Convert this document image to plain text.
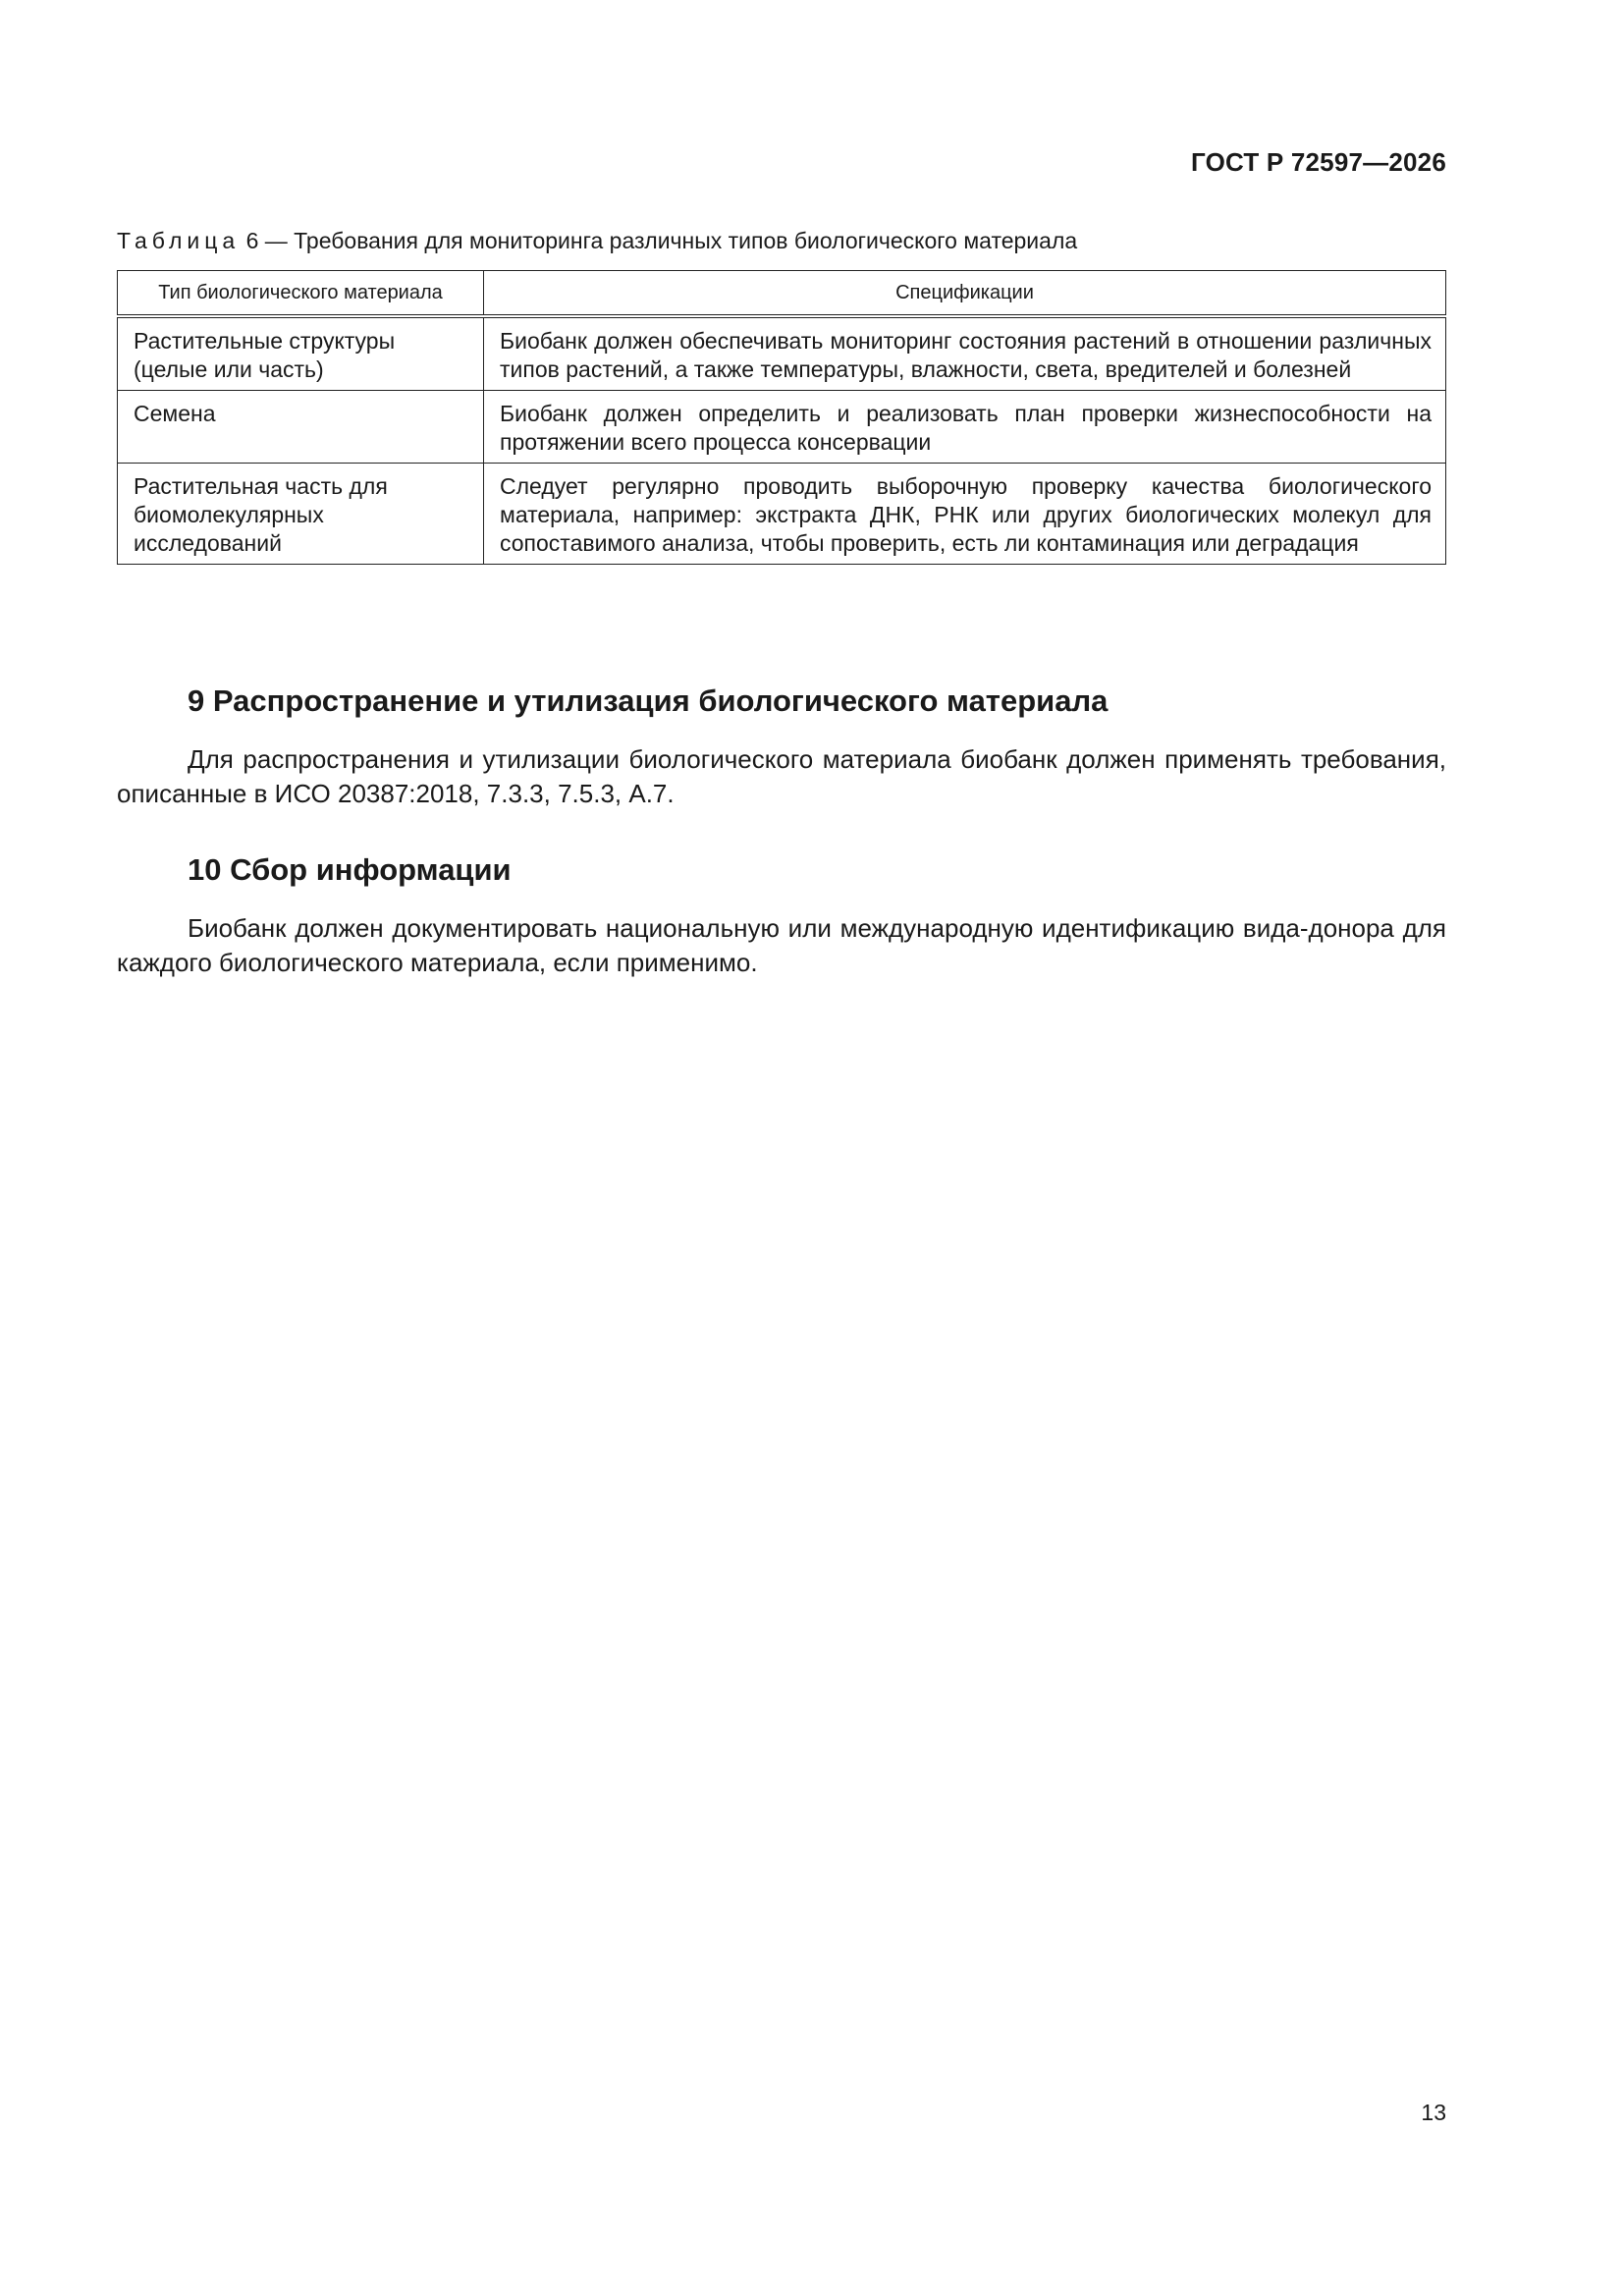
ГОСТ Р 72597—2026
Таблица 6 — Требования для мониторинга различных типов биологического материала
Тип биологического материала	Спецификации
Растительные структуры (целые или часть)	Биобанк должен обеспечивать мониторинг состояния растений в отношении различных типов растений, а также температуры, влажности, света, вредителей и болезней
Семена	Биобанк должен определить и реализовать план проверки жизнеспособности на протяжении всего процесса консервации
Растительная часть для биомолекулярных исследований	Следует регулярно проводить выборочную проверку качества биологического материала, например: экстракта ДНК, РНК или других биологических молекул для сопоставимого анализа, чтобы проверить, есть ли контаминация или деградация
9 Распространение и утилизация биологического материала
Для распространения и утилизации биологического материала биобанк должен применять требования, описанные в ИСО 20387:2018, 7.3.3, 7.5.3, А.7.
10 Сбор информации
Биобанк должен документировать национальную или международную идентификацию вида-донора для каждого биологического материала, если применимо.
13
